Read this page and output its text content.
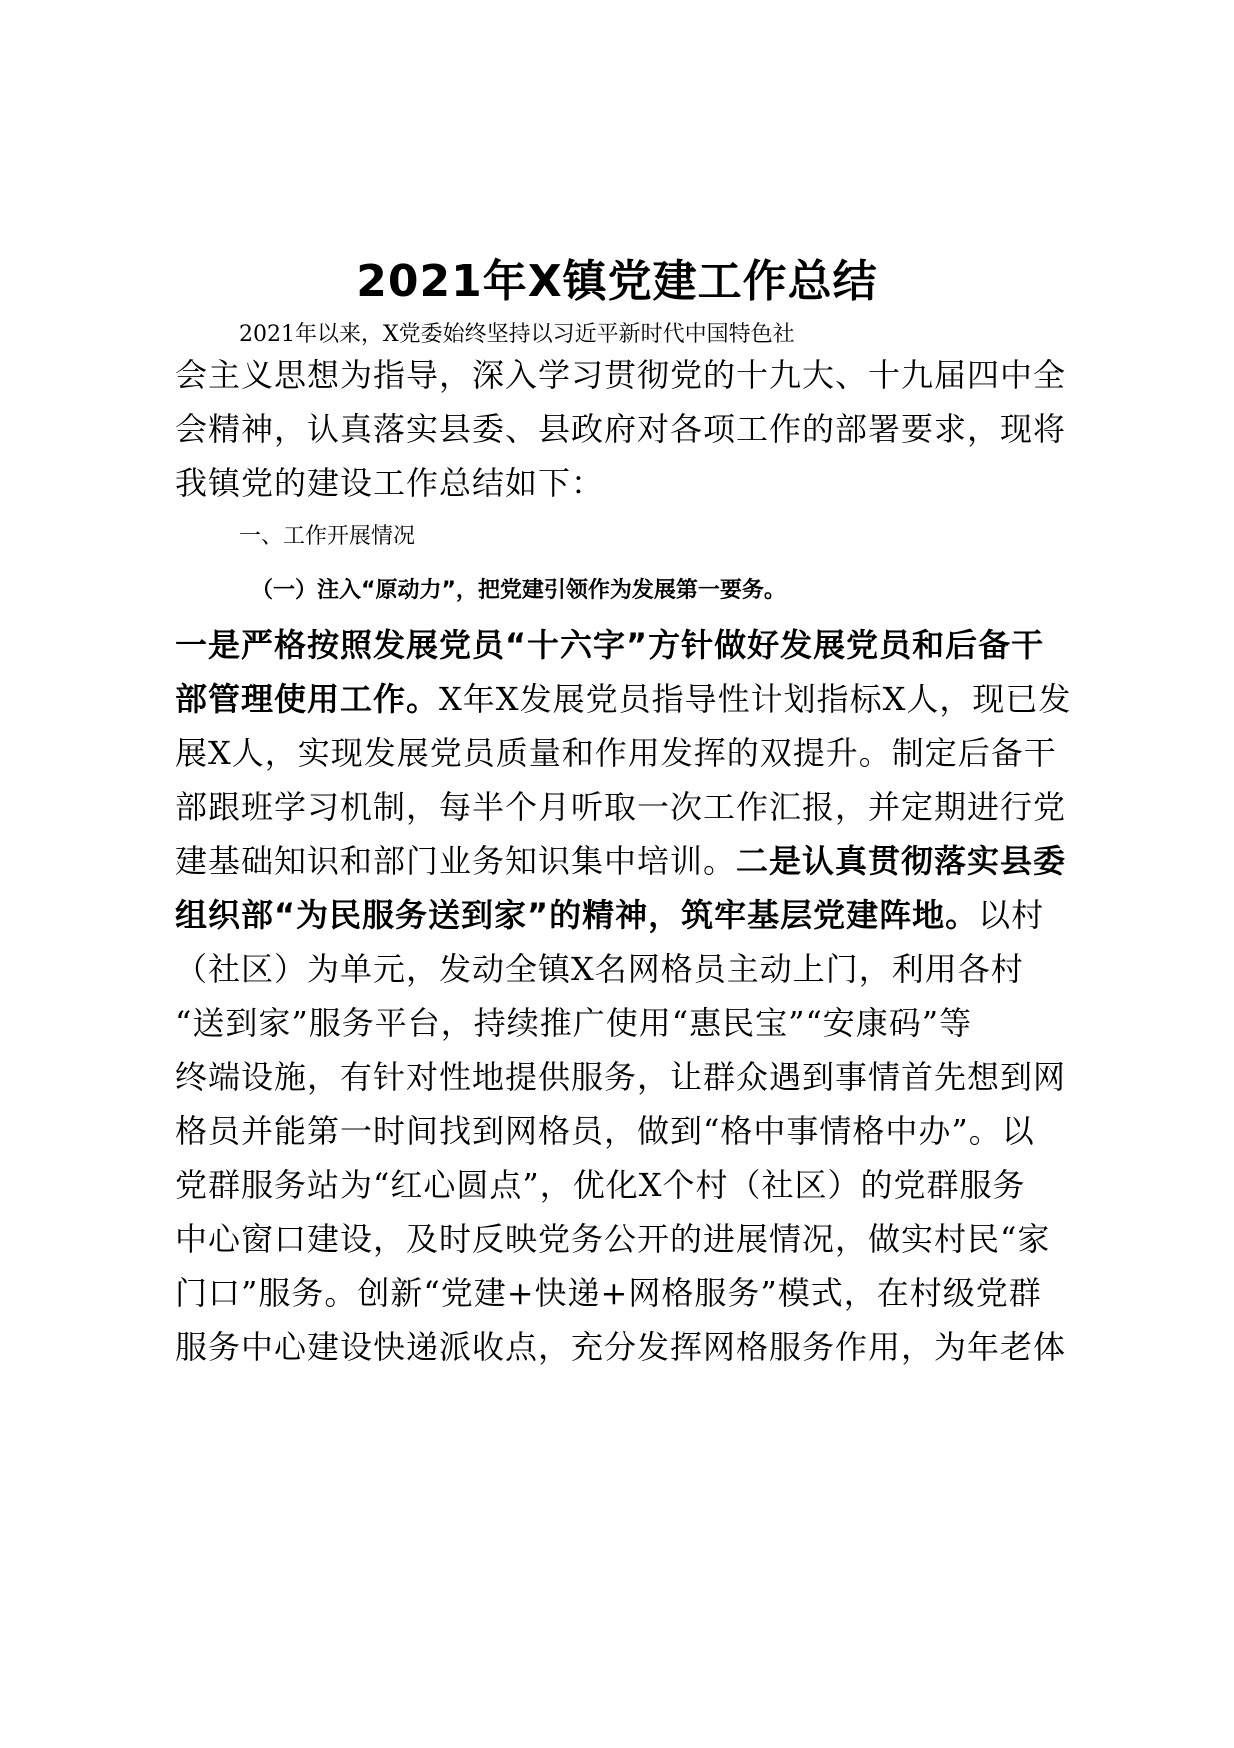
2021年X镇党建工作总结

2021年以来，X党委始终坚持以习近平新时代中国特色社

会主义思想为指导，深入学习贯彻党的十九大、十九届四中全

会精神，认真落实县委、县政府对各项工作的部署要求，现将

我镇党的建设工作总结如下：

一、工作开展情况

（一）注入“原动力”，把党建引领作为发展第一要务。

一是严格按照发展党员“十六字”方针做好发展党员和后备干

部管理使用工作。X年X发展党员指导性计划指标X人，现已发

展X人，实现发展党员质量和作用发挥的双提升。制定后备干

部跟班学习机制，每半个月听取一次工作汇报，并定期进行党

建基础知识和部门业务知识集中培训。二是认真贯彻落实县委

组织部“为民服务送到家”的精神，筑牢基层党建阵地。以村

（社区）为单元，发动全镇X名网格员主动上门，利用各村

“送到家”服务平台，持续推广使用“惠民宝”“安康码”等

终端设施，有针对性地提供服务，让群众遇到事情首先想到网

格员并能第一时间找到网格员，做到“格中事情格中办”。以

党群服务站为“红心圆点”，优化X个村（社区）的党群服务

中心窗口建设，及时反映党务公开的进展情况，做实村民“家

门口”服务。创新“党建+快递+网格服务”模式，在村级党群

服务中心建设快递派收点，充分发挥网格服务作用，为年老体
